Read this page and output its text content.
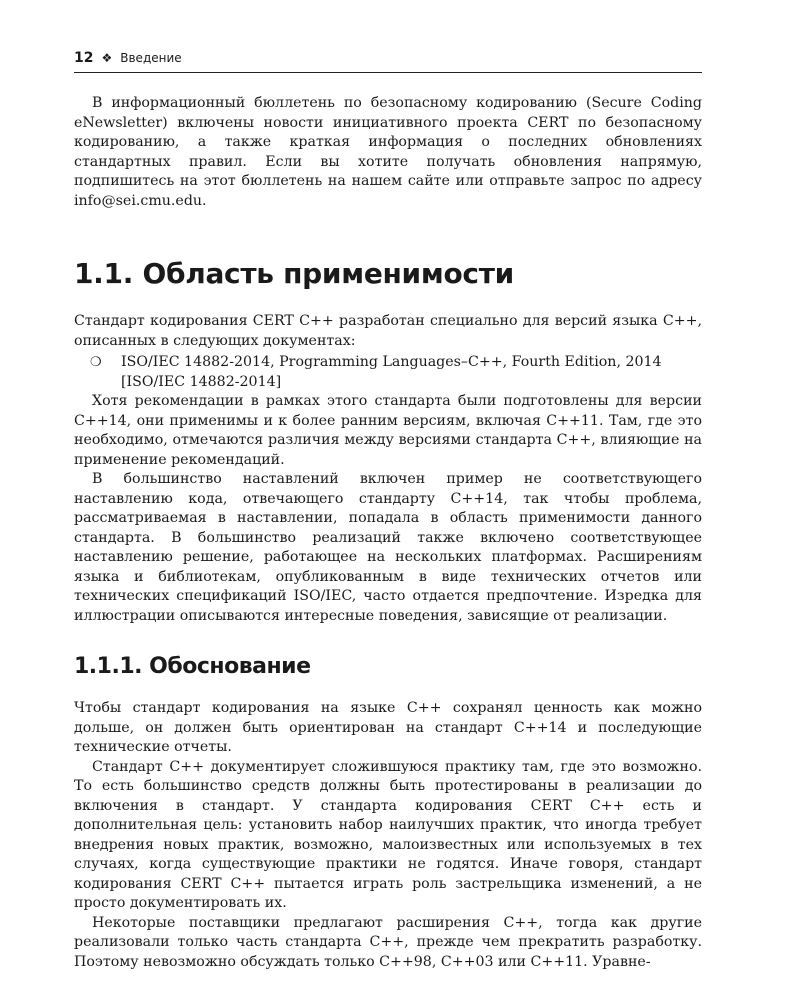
12 ❖ Введение

В информационный бюллетень по безопасному кодированию (Secure Coding eNewsletter) включены новости инициативного проекта CERT по безопасному кодированию, а также краткая информация о последних обновлениях стандартных правил. Если вы хотите получать обновления напрямую, подпишитесь на этот бюллетень на нашем сайте или отправьте запрос по адресу info@sei.cmu.edu.

1.1. Область применимости

Стандарт кодирования CERT C++ разработан специально для версий языка C++, описанных в следующих документах:

❍	ISO/IEC 14882-2014, Programming Languages–C++, Fourth Edition, 2014 [ISO/IEC 14882-2014]

Хотя рекомендации в рамках этого стандарта были подготовлены для версии C++14, они применимы и к более ранним версиям, включая C++11. Там, где это необходимо, отмечаются различия между версиями стандарта C++, влияющие на применение рекомендаций.

В большинство наставлений включен пример не соответствующего наставлению кода, отвечающего стандарту C++14, так чтобы проблема, рассматриваемая в наставлении, попадала в область применимости данного стандарта. В большинство реализаций также включено соответствующее наставлению решение, работающее на нескольких платформах. Расширениям языка и библиотекам, опубликованным в виде технических отчетов или технических спецификаций ISO/IEC, часто отдается предпочтение. Изредка для иллюстрации описываются интересные поведения, зависящие от реализации.

1.1.1. Обоснование

Чтобы стандарт кодирования на языке C++ сохранял ценность как можно дольше, он должен быть ориентирован на стандарт C++14 и последующие технические отчеты.

Стандарт C++ документирует сложившуюся практику там, где это возможно. То есть большинство средств должны быть протестированы в реализации до включения в стандарт. У стандарта кодирования CERT C++ есть и дополнительная цель: установить набор наилучших практик, что иногда требует внедрения новых практик, возможно, малоизвестных или используемых в тех случаях, когда существующие практики не годятся. Иначе говоря, стандарт кодирования CERT C++ пытается играть роль застрельщика изменений, а не просто документировать их.

Некоторые поставщики предлагают расширения C++, тогда как другие реализовали только часть стандарта C++, прежде чем прекратить разработку. Поэтому невозможно обсуждать только C++98, C++03 или C++11. Уравне-
